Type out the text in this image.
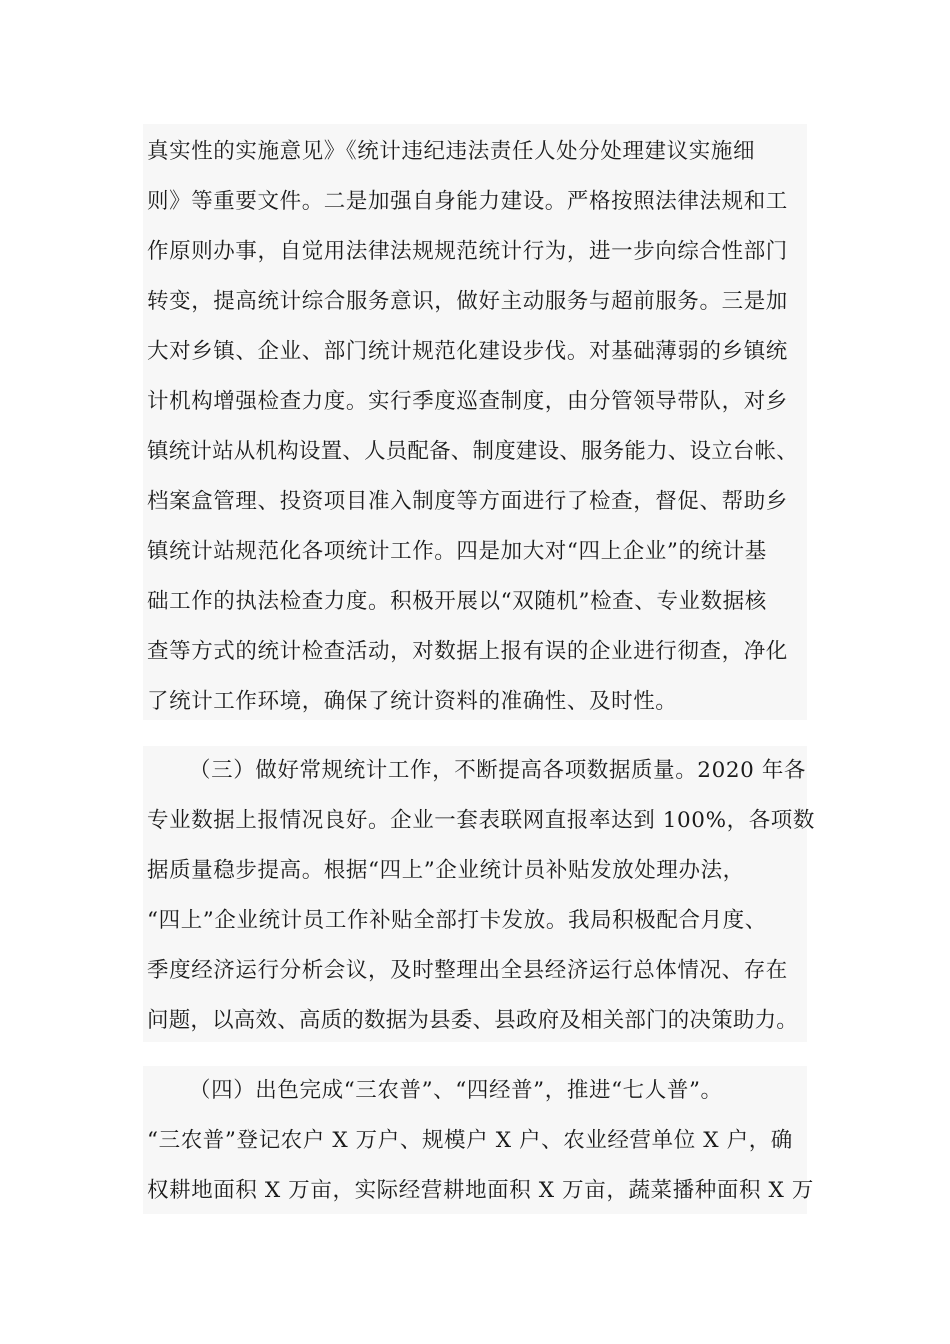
真实性的实施意见》《统计违纪违法责任人处分处理建议实施细
则》等重要文件。二是加强自身能力建设。严格按照法律法规和工
作原则办事，自觉用法律法规规范统计行为，进一步向综合性部门
转变，提高统计综合服务意识，做好主动服务与超前服务。三是加
大对乡镇、企业、部门统计规范化建设步伐。对基础薄弱的乡镇统
计机构增强检查力度。实行季度巡查制度，由分管领导带队，对乡
镇统计站从机构设置、人员配备、制度建设、服务能力、设立台帐、
档案盒管理、投资项目准入制度等方面进行了检查，督促、帮助乡
镇统计站规范化各项统计工作。四是加大对“四上企业”的统计基
础工作的执法检查力度。积极开展以“双随机”检查、专业数据核
查等方式的统计检查活动，对数据上报有误的企业进行彻查，净化
了统计工作环境，确保了统计资料的准确性、及时性。
（三）做好常规统计工作，不断提高各项数据质量。2020 年各
专业数据上报情况良好。企业一套表联网直报率达到 100%，各项数
据质量稳步提高。根据“四上”企业统计员补贴发放处理办法，
“四上”企业统计员工作补贴全部打卡发放。我局积极配合月度、
季度经济运行分析会议，及时整理出全县经济运行总体情况、存在
问题，以高效、高质的数据为县委、县政府及相关部门的决策助力。
（四）出色完成“三农普”、“四经普”，推进“七人普”。
“三农普”登记农户 X 万户、规模户 X 户、农业经营单位 X 户，确
权耕地面积 X 万亩，实际经营耕地面积 X 万亩，蔬菜播种面积 X 万
